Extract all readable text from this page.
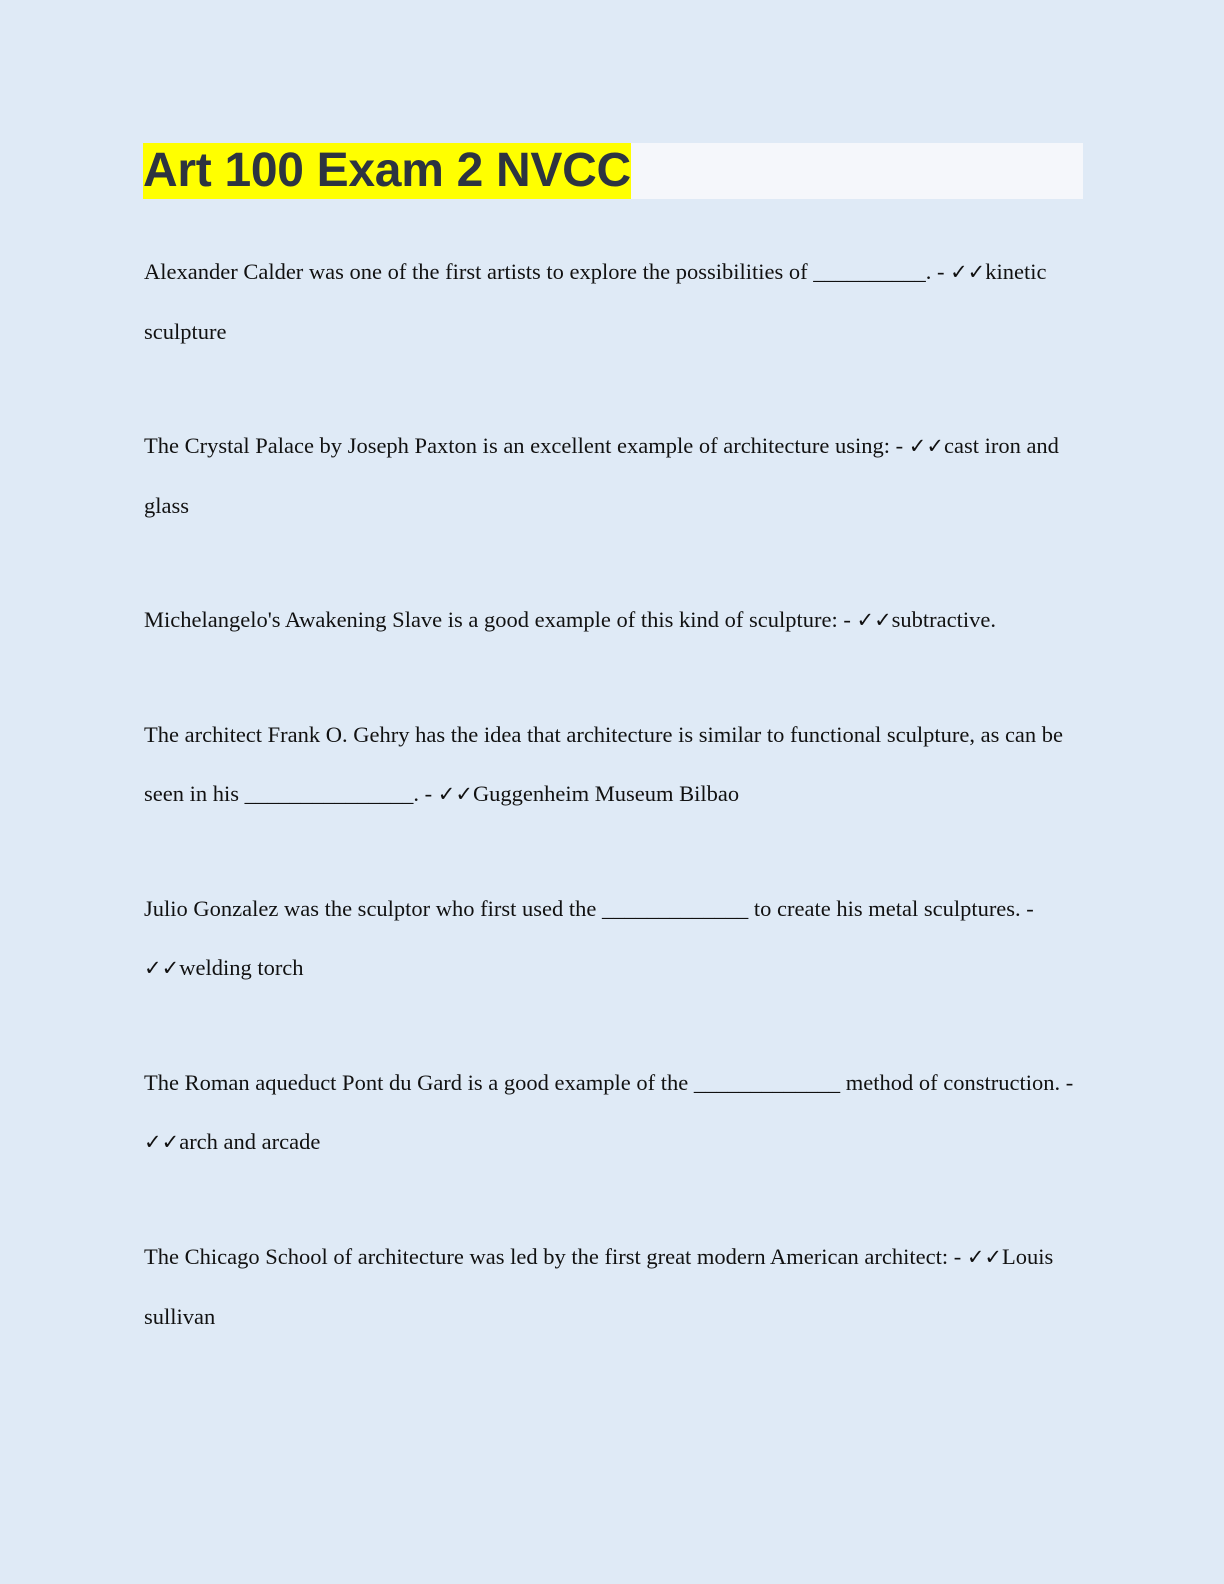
Art 100 Exam 2 NVCC
Alexander Calder was one of the first artists to explore the possibilities of __________. - ✓✓kinetic sculpture
The Crystal Palace by Joseph Paxton is an excellent example of architecture using: - ✓✓cast iron and glass
Michelangelo's Awakening Slave is a good example of this kind of sculpture: - ✓✓subtractive.
The architect Frank O. Gehry has the idea that architecture is similar to functional sculpture, as can be seen in his _______________. - ✓✓Guggenheim Museum Bilbao
Julio Gonzalez was the sculptor who first used the _____________ to create his metal sculptures. - ✓✓welding torch
The Roman aqueduct Pont du Gard is a good example of the _____________ method of construction. - ✓✓arch and arcade
The Chicago School of architecture was led by the first great modern American architect: - ✓✓Louis sullivan
